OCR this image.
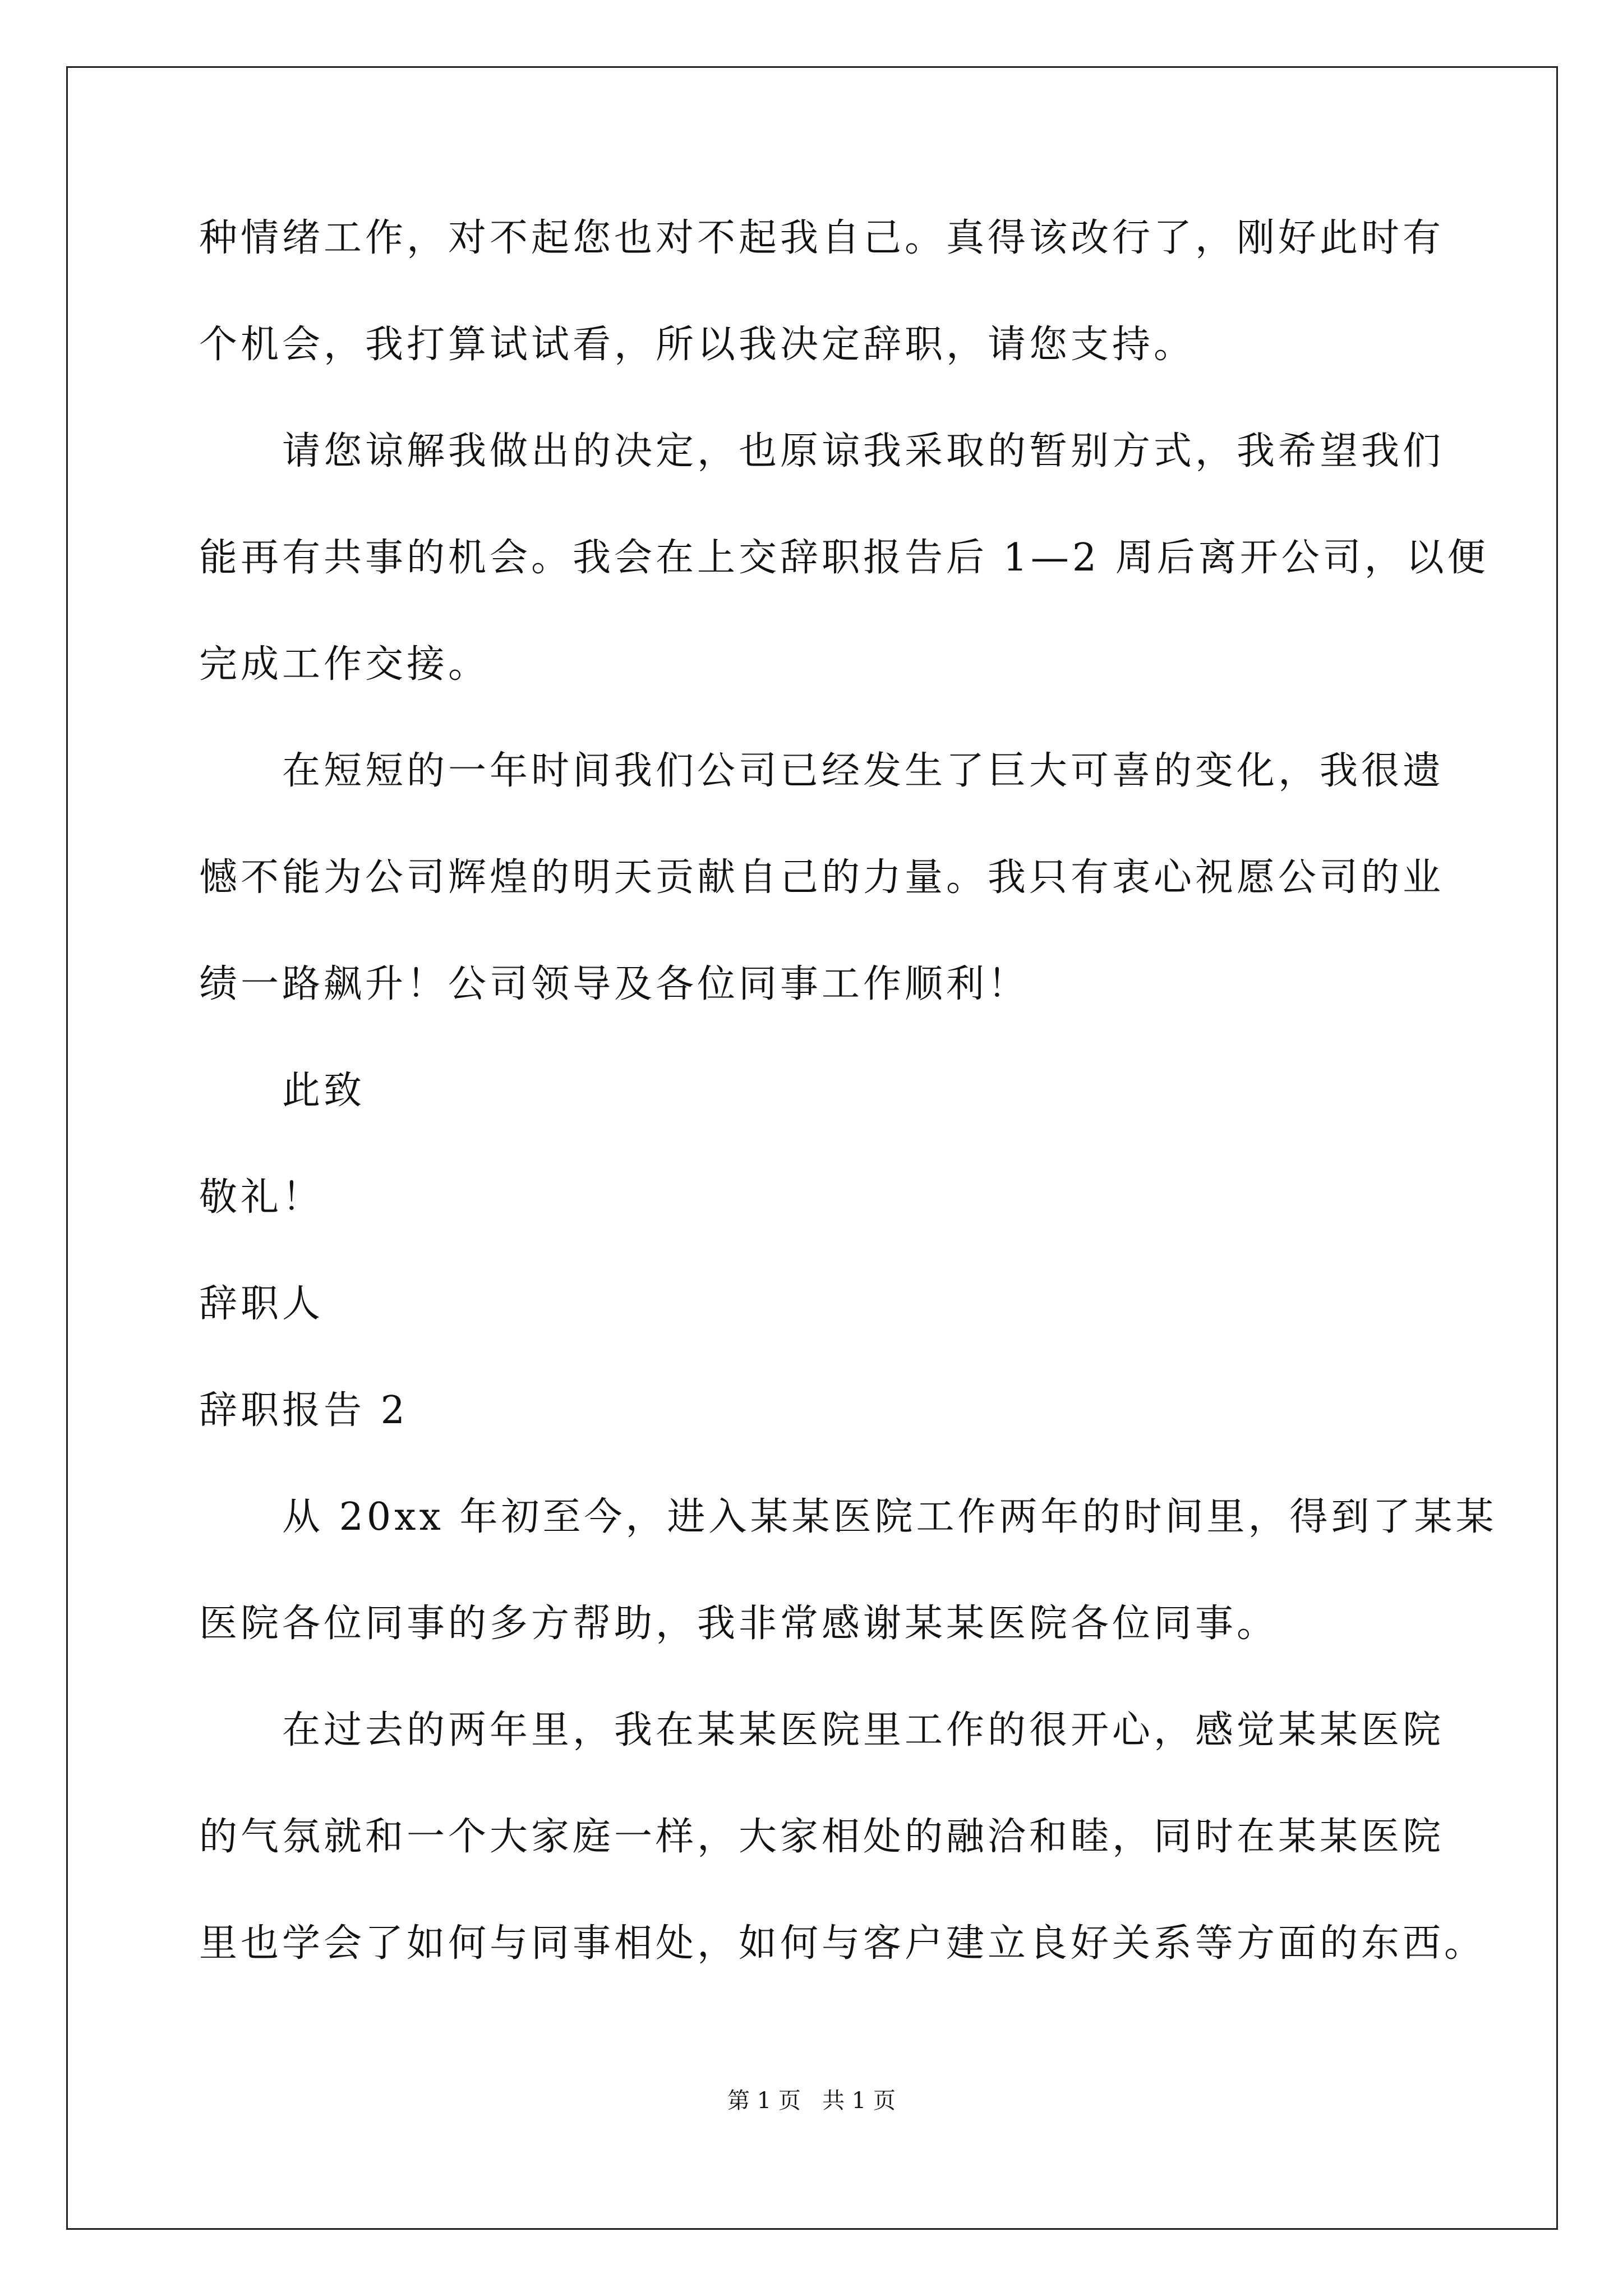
种情绪工作，对不起您也对不起我自己。真得该改行了，刚好此时有
个机会，我打算试试看，所以我决定辞职，请您支持。
请您谅解我做出的决定，也原谅我采取的暂别方式，我希望我们
能再有共事的机会。我会在上交辞职报告后 1—2 周后离开公司，以便
完成工作交接。
在短短的一年时间我们公司已经发生了巨大可喜的变化，我很遗
憾不能为公司辉煌的明天贡献自己的力量。我只有衷心祝愿公司的业
绩一路飙升！公司领导及各位同事工作顺利！
此致
敬礼！
辞职人
辞职报告 2
从 20xx 年初至今，进入某某医院工作两年的时间里，得到了某某
医院各位同事的多方帮助，我非常感谢某某医院各位同事。
在过去的两年里，我在某某医院里工作的很开心，感觉某某医院
的气氛就和一个大家庭一样，大家相处的融洽和睦，同时在某某医院
里也学会了如何与同事相处，如何与客户建立良好关系等方面的东西。
第 1 页   共 1 页
